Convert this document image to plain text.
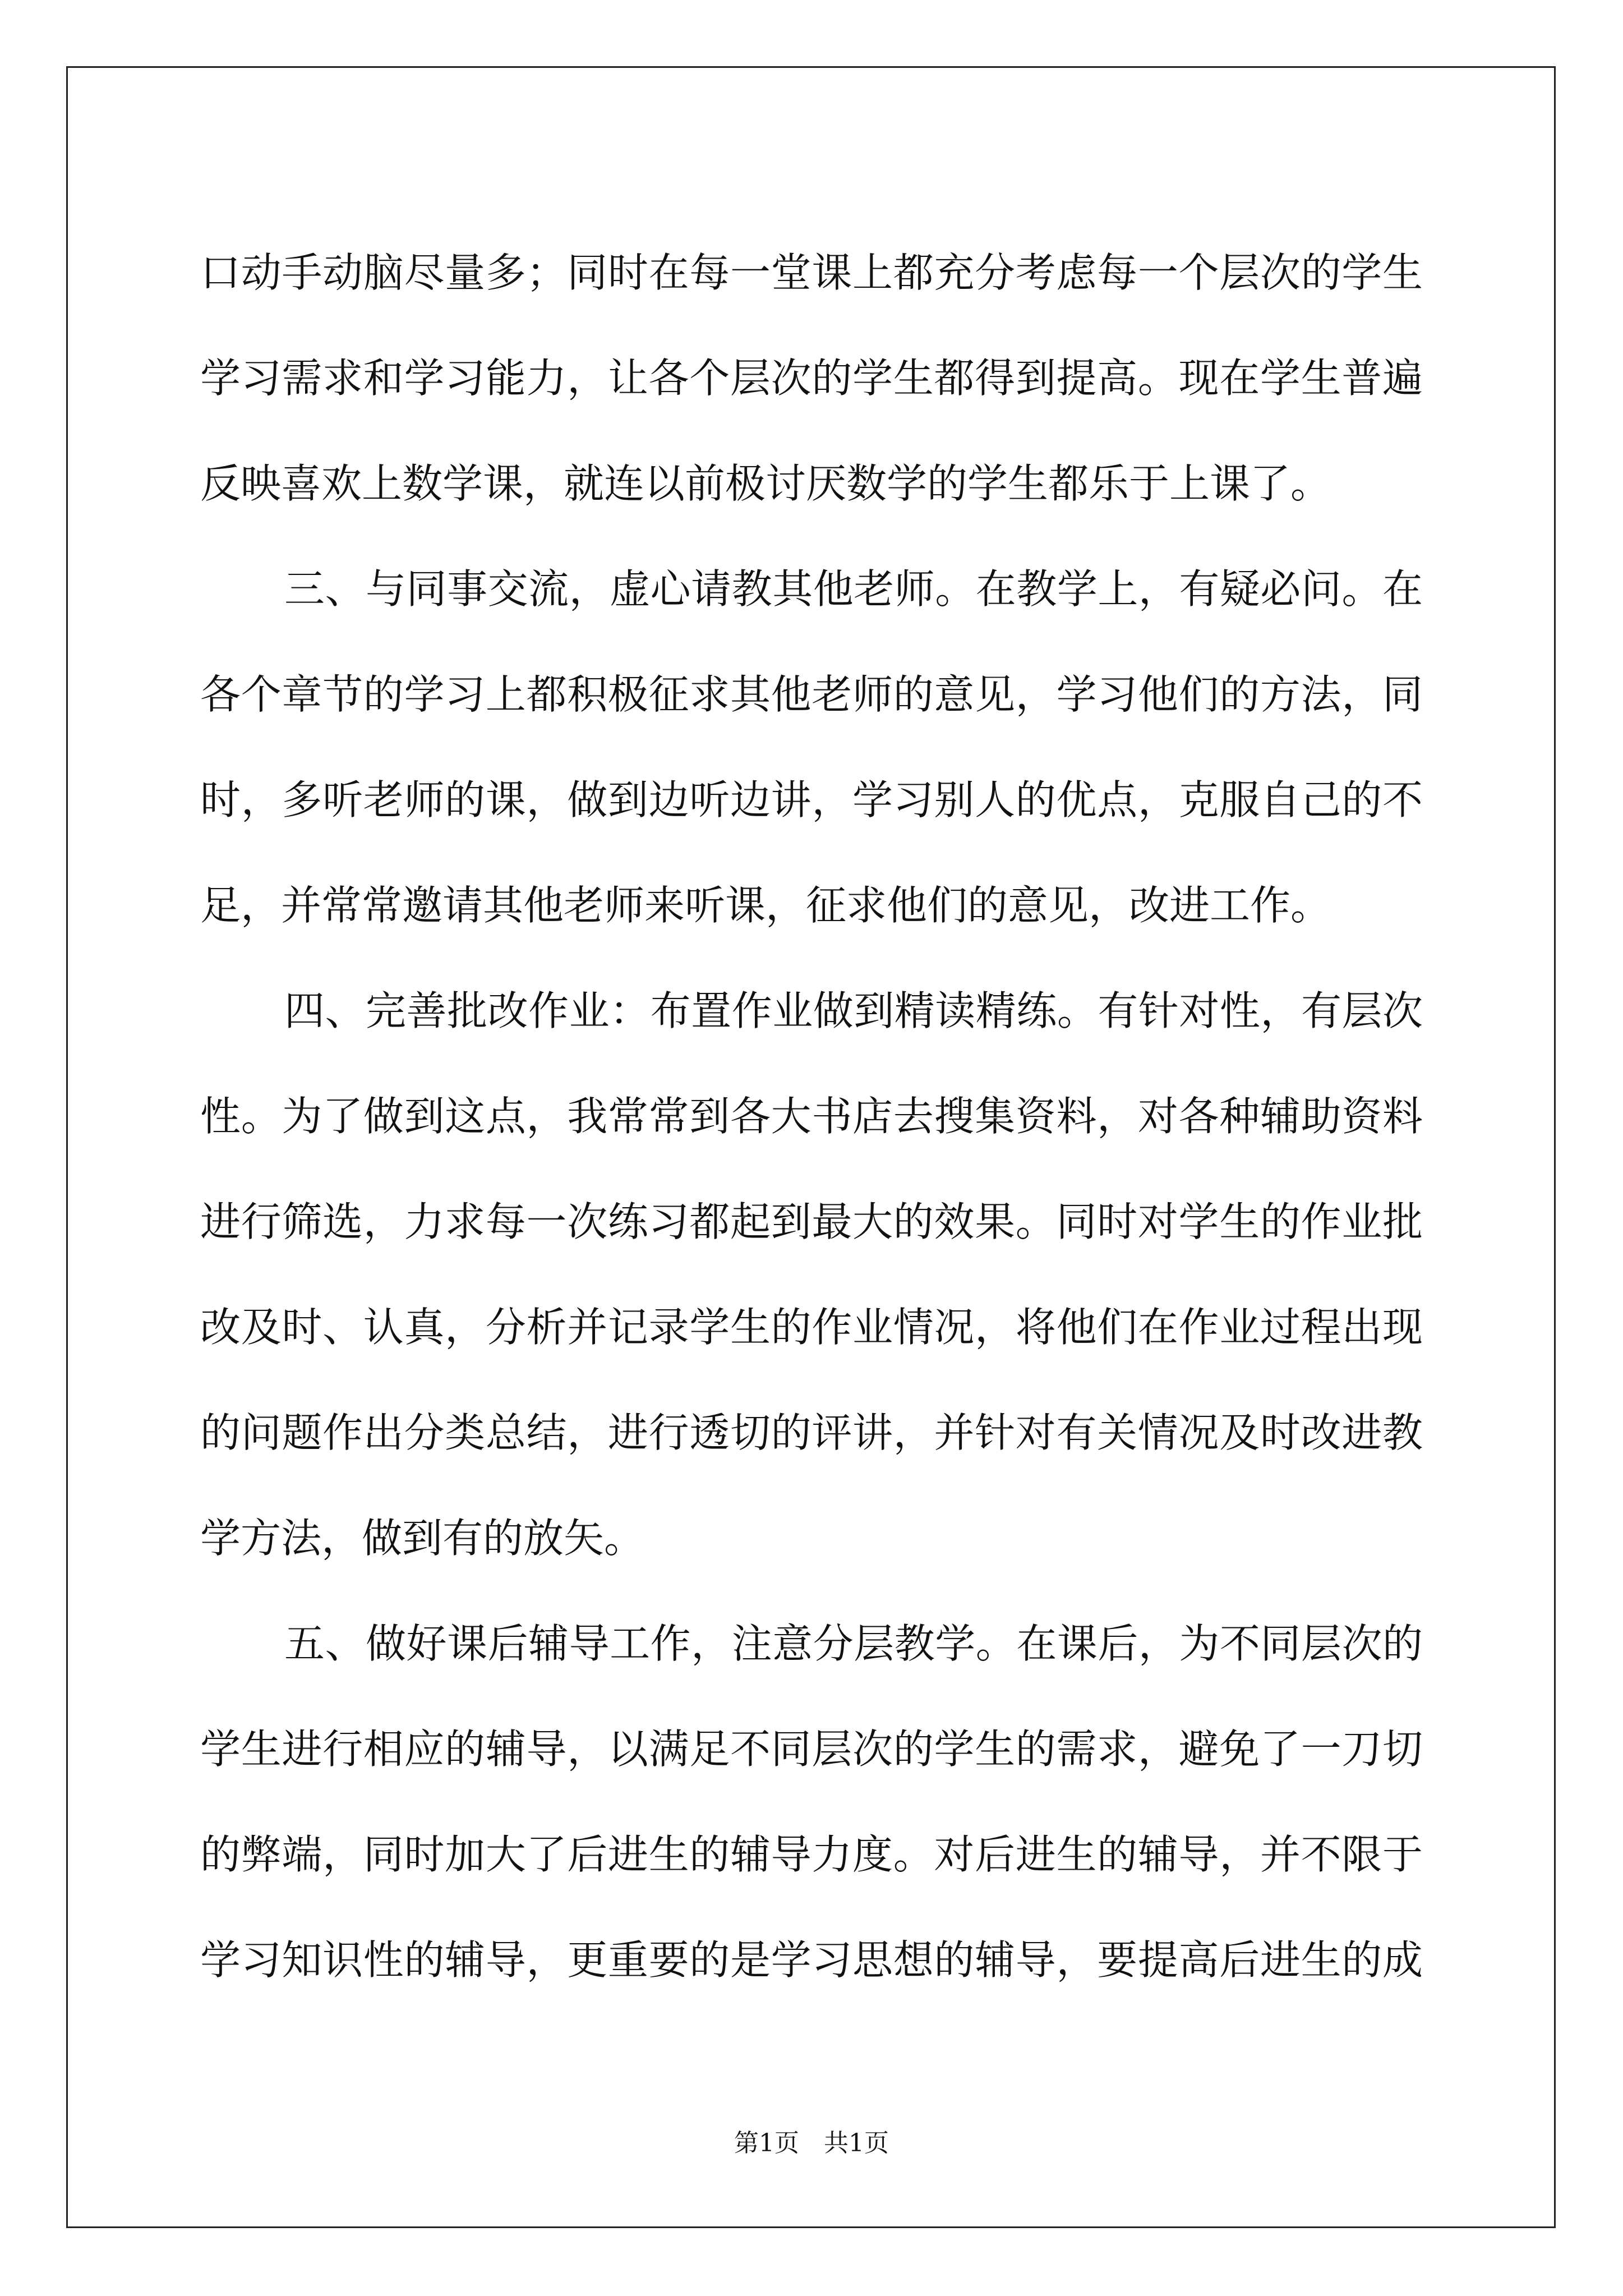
口动手动脑尽量多；同时在每一堂课上都充分考虑每一个层次的学生
学习需求和学习能力，让各个层次的学生都得到提高。现在学生普遍
反映喜欢上数学课，就连以前极讨厌数学的学生都乐于上课了。
三、与同事交流，虚心请教其他老师。在教学上，有疑必问。在
各个章节的学习上都积极征求其他老师的意见，学习他们的方法，同
时，多听老师的课，做到边听边讲，学习别人的优点，克服自己的不
足，并常常邀请其他老师来听课，征求他们的意见，改进工作。
四、完善批改作业：布置作业做到精读精练。有针对性，有层次
性。为了做到这点，我常常到各大书店去搜集资料，对各种辅助资料
进行筛选，力求每一次练习都起到最大的效果。同时对学生的作业批
改及时、认真，分析并记录学生的作业情况，将他们在作业过程出现
的问题作出分类总结，进行透切的评讲，并针对有关情况及时改进教
学方法，做到有的放矢。
五、做好课后辅导工作，注意分层教学。在课后，为不同层次的
学生进行相应的辅导，以满足不同层次的学生的需求，避免了一刀切
的弊端，同时加大了后进生的辅导力度。对后进生的辅导，并不限于
学习知识性的辅导，更重要的是学习思想的辅导，要提高后进生的成
第1页　共1页
